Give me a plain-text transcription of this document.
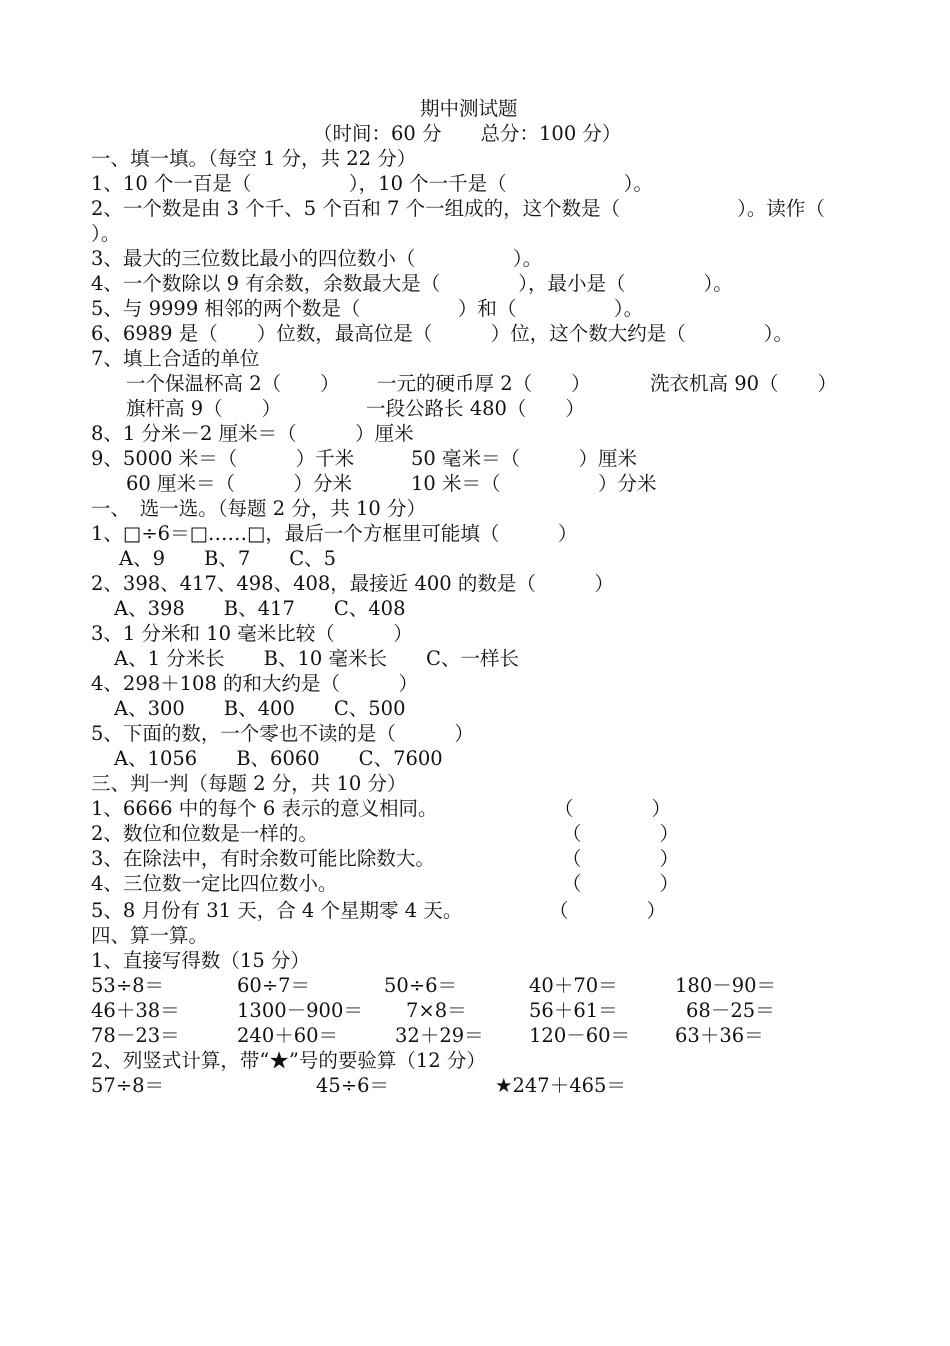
期中测试题
（时间：60 分　　总分：100 分）
一、填一填。（每空 1 分，共 22 分）
1、10 个一百是（　　　　　），10 个一千是（　　　　　　）。
2、一个数是由 3 个千、5 个百和 7 个一组成的，这个数是（　　　　　　）。读作（
）。
3、最大的三位数比最小的四位数小（　　　　　）。
4、一个数除以 9 有余数，余数最大是（　　　　），最小是（　　　　）。
5、与 9999 相邻的两个数是（　　　　　）和（　　　　　）。
6、6989 是（　　）位数，最高位是（　　　）位，这个数大约是（　　　　）。
7、填上合适的单位
一个保温杯高 2（　　） 一元的硬币厚 2（　　）	洗衣机高 90（　　）
旗杆高 9（　　）	一段公路长 480（　　）
8、1 分米－2 厘米＝（　　　）厘米
9、5000 米＝（　　　）千米	50 毫米＝（　　　）厘米
60 厘米＝（　　　）分米	10 米＝（　　　　　）分米
一、　选一选。（每题 2 分，共 10 分）
1、□÷6＝□……□，最后一个方框里可能填（　　　）
A、9　　B、7　　C、5
2、398、417、498、408，最接近 400 的数是（　　　）
A、398　　B、417　　C、408
3、1 分米和 10 毫米比较（　　　）
A、1 分米长　　B、10 毫米长　　C、一样长
4、298＋108 的和大约是（　　　）
A、300　　B、400　　C、500
5、下面的数，一个零也不读的是（　　　）
A、1056　　B、6060　　C、7600
三、判一判（每题 2 分，共 10 分）
1、6666 中的每个 6 表示的意义相同。	（　　　　）
2、数位和位数是一样的。	（　　　　）
3、在除法中，有时余数可能比除数大。	（　　　　）
4、三位数一定比四位数小。	（　　　　）
5、8 月份有 31 天，合 4 个星期零 4 天。	（　　　　）
四、算一算。
1、直接写得数（15 分）
53÷8＝	60÷7＝	50÷6＝	40＋70＝	180－90＝
46＋38＝	1300－900＝ 7×8＝	56＋61＝	68－25＝
78－23＝	240＋60＝	32＋29＝ 120－60＝ 63＋36＝
2、列竖式计算，带“★”号的要验算（12 分）
57÷8＝	45÷6＝	★247＋465＝
